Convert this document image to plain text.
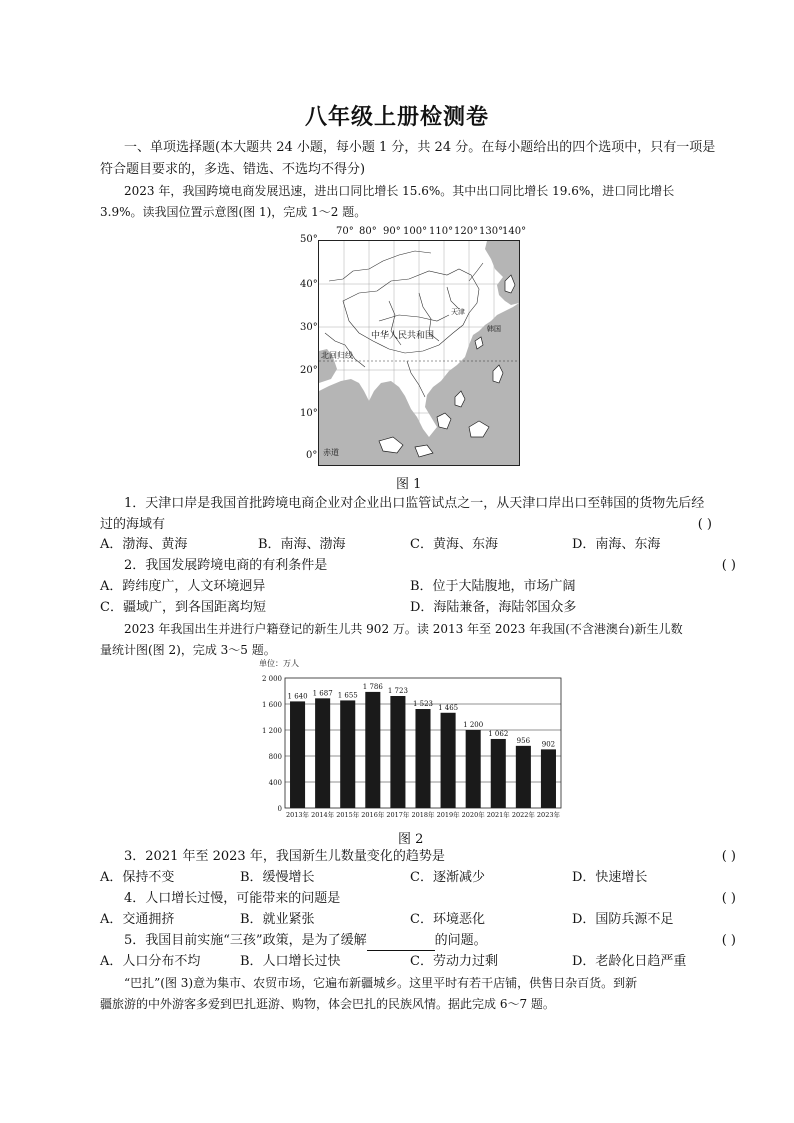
八年级上册检测卷
一、单项选择题(本大题共 24 小题，每小题 1 分，共 24 分。在每小题给出的四个选项中，只有一项是
符合题目要求的，多选、错选、不选均不得分)
2023 年，我国跨境电商发展迅速，进出口同比增长 15.6%。其中出口同比增长 19.6%，进口同比增长
3.9%。读我国位置示意图(图 1)，完成 1～2 题。
70° 80° 90° 100° 110° 120° 130°
140°
50°
40°
30°
20°
10°
0°
北回归线
中华人民共和国
天津
韩国
赤道
图 1
1．天津口岸是我国首批跨境电商企业对企业出口监管试点之一，从天津口岸出口至韩国的货物先后经
过的海域有	( )
A．渤海、黄海	B．南海、渤海	C．黄海、东海	D．南海、东海
2．我国发展跨境电商的有利条件是	( )
A．跨纬度广，人文环境迥异	B．位于大陆腹地，市场广阔
C．疆域广，到各国距离均短	D．海陆兼备，海陆邻国众多
2023 年我国出生并进行户籍登记的新生儿共 902 万。读 2013 年至 2023 年我国(不含港澳台)新生儿数
量统计图(图 2)，完成 3～5 题。
单位：万人
0
400
800
1 200
1 600
2 000
1 640
2013年
1 687
2014年
1 655
2015年
1 786
2016年
1 723
2017年
1 523
2018年
1 465
2019年
1 200
2020年
1 062
2021年
956
2022年
902
2023年
图 2
3．2021 年至 2023 年，我国新生儿数量变化的趋势是	( )
A．保持不变	B．缓慢增长	C．逐渐减少	D．快速增长
4．人口增长过慢，可能带来的问题是	( )
A．交通拥挤	B．就业紧张	C．环境恶化	D．国防兵源不足
5．我国目前实施“三孩”政策，是为了缓解	的问题。	( )
A．人口分布不均	B．人口增长过快	C．劳动力过剩	D．老龄化日趋严重
“巴扎”(图 3)意为集市、农贸市场，它遍布新疆城乡。这里平时有若干店铺，供售日杂百货。到新
疆旅游的中外游客多爱到巴扎逛游、购物，体会巴扎的民族风情。据此完成 6～7 题。
